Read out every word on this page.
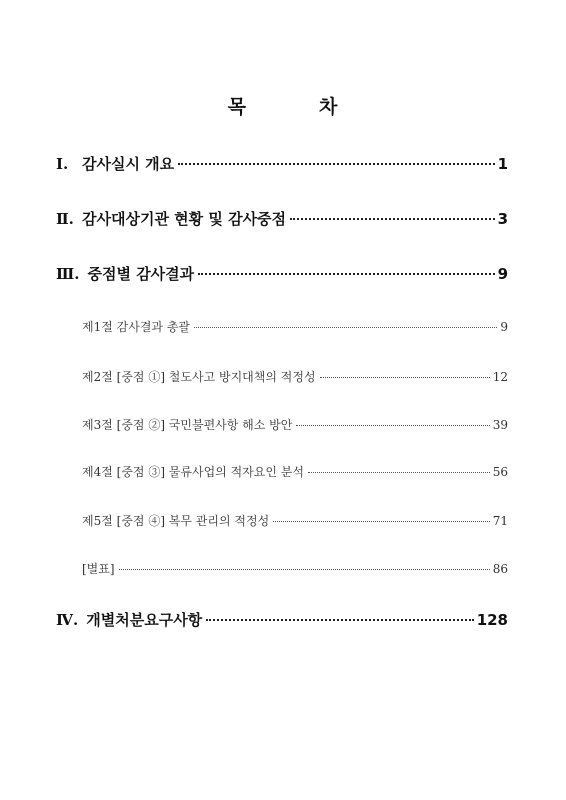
목	차
Ⅰ. 감사실시 개요	1
Ⅱ. 감사대상기관 현황 및 감사중점	3
Ⅲ. 중점별 감사결과	9
제1절 감사결과 총괄	9
제2절 [중점 ①] 철도사고 방지대책의 적정성	12
제3절 [중점 ②] 국민불편사항 해소 방안	39
제4절 [중점 ③] 물류사업의 적자요인 분석	56
제5절 [중점 ④] 복무 관리의 적정성	71
[별표]	86
Ⅳ. 개별처분요구사항	128
